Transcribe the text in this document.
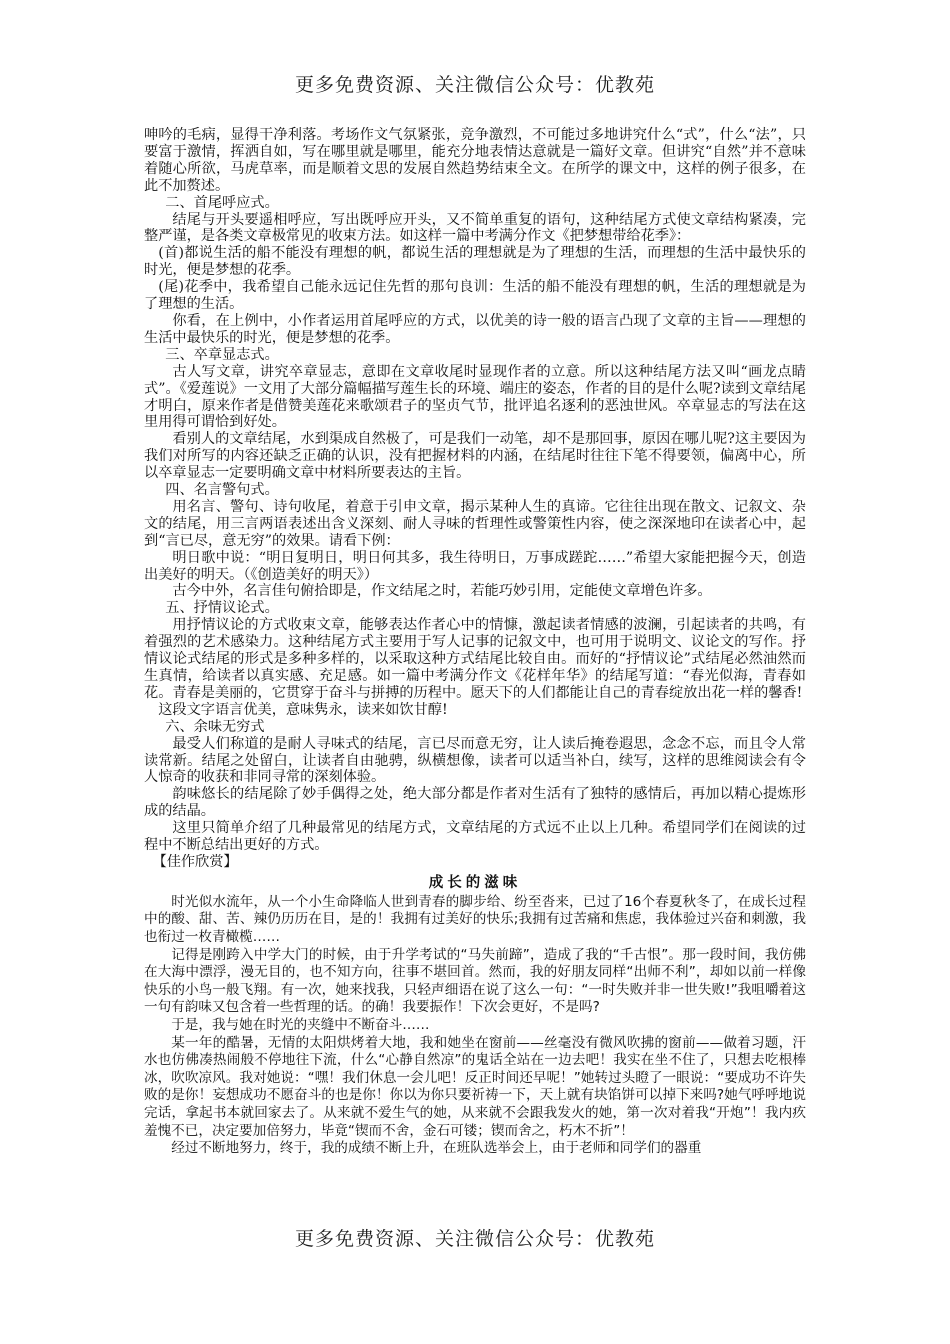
更多免费资源、关注微信公众号：优教苑

呻吟的毛病，显得干净利落。考场作文气氛紧张，竞争激烈，不可能过多地讲究什么“式”，什么“法”，只要富于激情，挥洒自如，写在哪里就是哪里，能充分地表情达意就是一篇好文章。但讲究“自然”并不意味着随心所欲，马虎草率，而是顺着文思的发展自然趋势结束全文。在所学的课文中，这样的例子很多，在此不加赘述。

二、首尾呼应式。

结尾与开头要遥相呼应，写出既呼应开头，又不简单重复的语句，这种结尾方式使文章结构紧凑，完整严谨，是各类文章极常见的收束方法。如这样一篇中考满分作文《把梦想带给花季》：

(首)都说生活的船不能没有理想的帆，都说生活的理想就是为了理想的生活，而理想的生活中最快乐的时光，便是梦想的花季。

(尾)花季中，我希望自己能永远记住先哲的那句良训：生活的船不能没有理想的帆，生活的理想就是为了理想的生活。

你看，在上例中，小作者运用首尾呼应的方式，以优美的诗一般的语言凸现了文章的主旨——理想的生活中最快乐的时光，便是梦想的花季。

三、卒章显志式。

古人写文章，讲究卒章显志，意即在文章收尾时显现作者的立意。所以这种结尾方法又叫“画龙点睛式”。《爱莲说》一文用了大部分篇幅描写莲生长的环境、端庄的姿态，作者的目的是什么呢?读到文章结尾才明白，原来作者是借赞美莲花来歌颂君子的坚贞气节，批评追名逐利的恶浊世风。卒章显志的写法在这里用得可谓恰到好处。

看别人的文章结尾，水到渠成自然极了，可是我们一动笔，却不是那回事，原因在哪儿呢?这主要因为我们对所写的内容还缺乏正确的认识，没有把握材料的内涵，在结尾时往往下笔不得要领，偏离中心，所以卒章显志一定要明确文章中材料所要表达的主旨。

四、名言警句式。

用名言、警句、诗句收尾，着意于引申文章，揭示某种人生的真谛。它往往出现在散文、记叙文、杂文的结尾，用三言两语表述出含义深刻、耐人寻味的哲理性或警策性内容，使之深深地印在读者心中，起到“言已尽，意无穷”的效果。请看下例：

明日歌中说：“明日复明日，明日何其多，我生待明日，万事成蹉跎……”希望大家能把握今天，创造出美好的明天。（《创造美好的明天》）

古今中外，名言佳句俯拾即是，作文结尾之时，若能巧妙引用，定能使文章增色许多。

五、抒情议论式。

用抒情议论的方式收束文章，能够表达作者心中的情慷，激起读者情感的波澜，引起读者的共鸣，有着强烈的艺术感染力。这种结尾方式主要用于写人记事的记叙文中，也可用于说明文、议论文的写作。抒情议论式结尾的形式是多种多样的，以采取这种方式结尾比较自由。而好的“抒情议论”式结尾必然油然而生真情，给读者以真实感、充足感。如一篇中考满分作文《花样年华》的结尾写道：“春光似海，青春如花。青春是美丽的，它贯穿于奋斗与拼搏的历程中。愿天下的人们都能让自己的青春绽放出花一样的馨香!

这段文字语言优美，意味隽永，读来如饮甘醇!

六、余味无穷式

最受人们称道的是耐人寻味式的结尾，言已尽而意无穷，让人读后掩卷遐思，念念不忘，而且令人常读常新。结尾之处留白，让读者自由驰骋，纵横想像，读者可以适当补白，续写，这样的思维阅读会有令人惊奇的收获和非同寻常的深刻体验。

韵味悠长的结尾除了妙手偶得之处，绝大部分都是作者对生活有了独特的感情后，再加以精心提炼形成的结晶。

这里只简单介绍了几种最常见的结尾方式，文章结尾的方式远不止以上几种。希望同学们在阅读的过程中不断总结出更好的方式。

【佳作欣赏】

成长的滋味

时光似水流年，从一个小生命降临人世到青春的脚步给、纷至沓来，已过了16个春夏秋冬了，在成长过程中的酸、甜、苦、辣仍历历在目，是的！我拥有过美好的快乐;我拥有过苦痛和焦虑，我体验过兴奋和刺激，我也衔过一枚青橄榄……

记得是刚跨入中学大门的时候，由于升学考试的“马失前蹄”，造成了我的“千古恨”。那一段时间，我仿佛在大海中漂浮，漫无目的，也不知方向，往事不堪回首。然而，我的好朋友同样“出师不利”，却如以前一样像快乐的小鸟一般飞翔。有一次，她来找我，只轻声细语在说了这么一句：“一时失败并非一世失败!”我咀嚼着这一句有韵味又包含着一些哲理的话。的确！我要振作！下次会更好，不是吗?

于是，我与她在时光的夹缝中不断奋斗……

某一年的酷暑，无情的太阳烘烤着大地，我和她坐在窗前——丝毫没有微风吹拂的窗前——做着习题，汗水也仿佛凑热闹般不停地往下流，什么“心静自然凉”的鬼话全站在一边去吧！我实在坐不住了，只想去吃根棒冰，吹吹凉风。我对她说：“嘿！我们休息一会儿吧！反正时间还早呢！”她转过头瞪了一眼说：“要成功不许失败的是你！妄想成功不愿奋斗的也是你！你以为你只要祈祷一下，天上就有块馅饼可以掉下来吗?她气呼呼地说完话，拿起书本就回家去了。从来就不爱生气的她，从来就不会跟我发火的她，第一次对着我“开炮”！我内疚羞愧不已，决定要加倍努力，毕竟“锲而不舍，金石可镂；锲而舍之，朽木不折”！

经过不断地努力，终于，我的成绩不断上升，在班队选举会上，由于老师和同学们的器重

更多免费资源、关注微信公众号：优教苑
